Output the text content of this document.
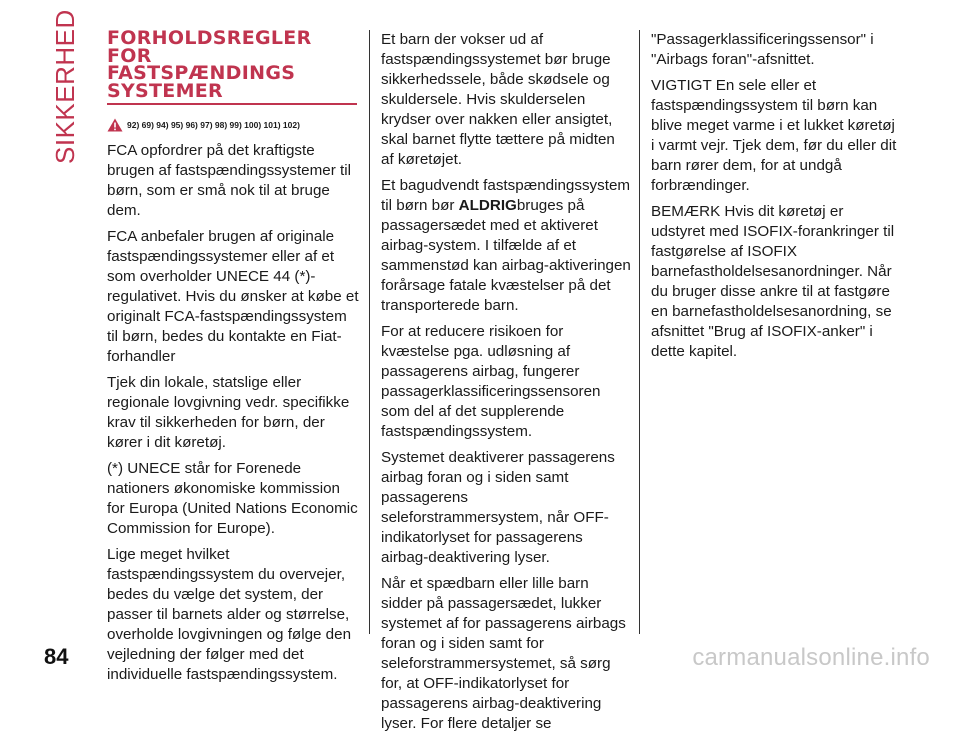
SIKKERHED FORHOLDSREGLER
FOR
FASTSPÆNDINGS
SYSTEMER
92) 69) 94) 95) 96) 97) 98) 99) 100) 101) 102)

FCA opfordrer på det kraftigste brugen af fastspændingssystemer til børn, som er små nok til at bruge dem.

FCA anbefaler brugen af originale fastspændingssystemer eller af et som overholder UNECE 44 (*)-regulativet. Hvis du ønsker at købe et originalt FCA-fastspændingssystem til børn, bedes du kontakte en Fiat-forhandler

Tjek din lokale, statslige eller regionale lovgivning vedr. specifikke krav til sikkerheden for børn, der kører i dit køretøj.

(*) UNECE står for Forenede nationers økonomiske kommission for Europa (United Nations Economic Commission for Europe).

Lige meget hvilket fastspændingssystem du overvejer, bedes du vælge det system, der passer til barnets alder og størrelse, overholde lovgivningen og følge den vejledning der følger med det individuelle fastspændingssystem.

Et barn der vokser ud af fastspændingssystemet bør bruge sikkerhedssele, både skødsele og skuldersele. Hvis skulderselen krydser over nakken eller ansigtet, skal barnet flytte tættere på midten af køretøjet.

Et bagudvendt fastspændingssystem til børn bør ALDRIGbruges på passagersædet med et aktiveret airbag-system. I tilfælde af et sammenstød kan airbag-aktiveringen forårsage fatale kvæstelser på det transporterede barn.

For at reducere risikoen for kvæstelse pga. udløsning af passagerens airbag, fungerer passagerklassificeringssensoren som del af det supplerende fastspændingssystem.

Systemet deaktiverer passagerens airbag foran og i siden samt passagerens seleforstrammersystem, når OFF-indikatorlyset for passagerens airbag-deaktivering lyser.

Når et spædbarn eller lille barn sidder på passagersædet, lukker systemet af for passagerens airbags foran og i siden samt for seleforstrammersystemet, så sørg for, at OFF-indikatorlyset for passagerens airbag-deaktivering lyser. For flere detaljer se

"Passagerklassificeringssensor" i "Airbags foran"-afsnittet.

VIGTIGT En sele eller et fastspændingssystem til børn kan blive meget varme i et lukket køretøj i varmt vejr. Tjek dem, før du eller dit barn rører dem, for at undgå forbrændinger.

BEMÆRK Hvis dit køretøj er udstyret med ISOFIX-forankringer til fastgørelse af ISOFIX barnefastholdelsesanordninger. Når du bruger disse ankre til at fastgøre en barnefastholdelsesanordning, se afsnittet "Brug af ISOFIX-anker" i dette kapitel.

84	carmanualsonline.info
